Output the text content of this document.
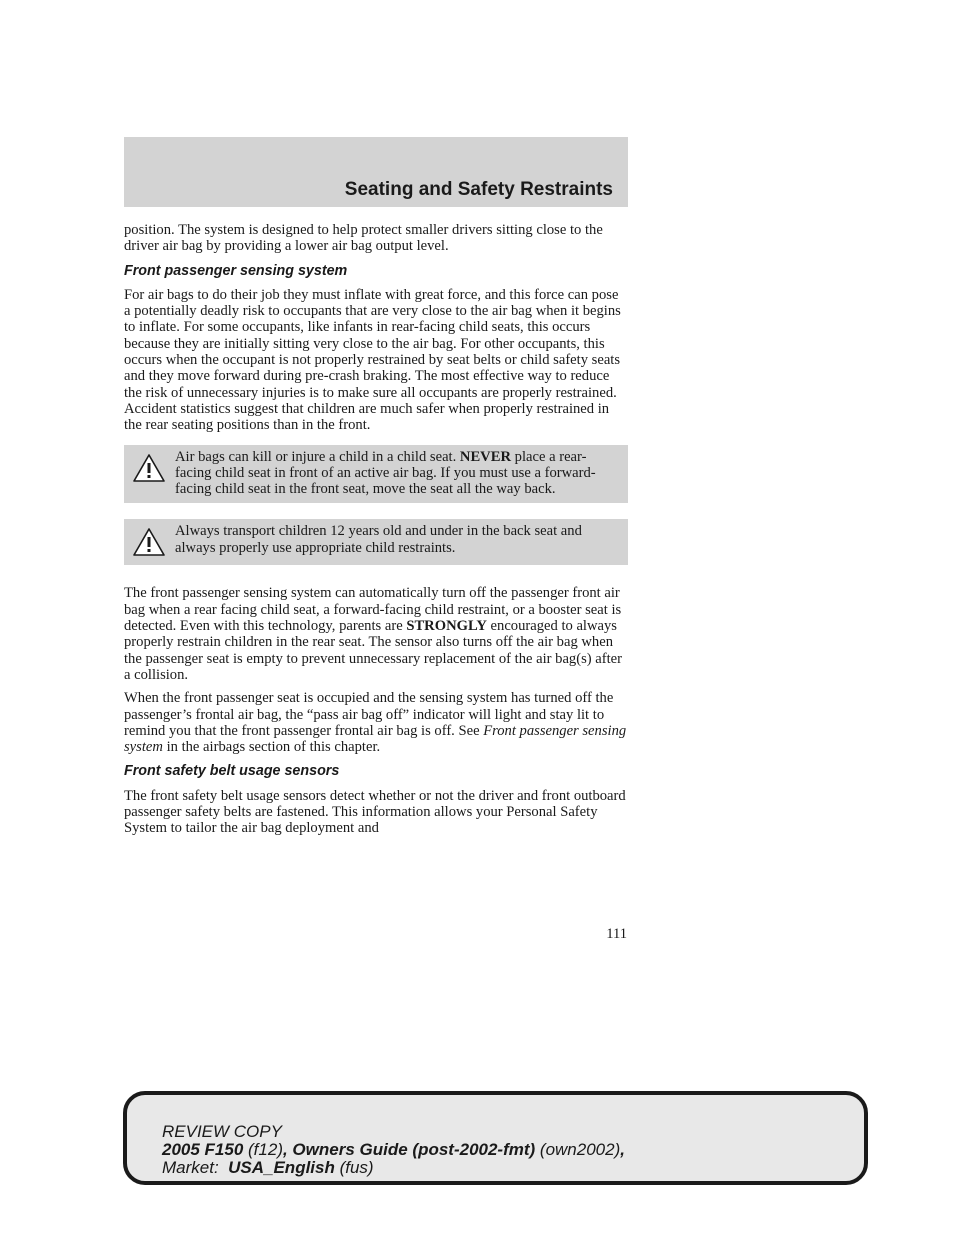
Seating and Safety Restraints

position. The system is designed to help protect smaller drivers sitting close to the driver air bag by providing a lower air bag output level.

Front passenger sensing system

For air bags to do their job they must inflate with great force, and this force can pose a potentially deadly risk to occupants that are very close to the air bag when it begins to inflate. For some occupants, like infants in rear-facing child seats, this occurs because they are initially sitting very close to the air bag. For other occupants, this occurs when the occupant is not properly restrained by seat belts or child safety seats and they move forward during pre-crash braking. The most effective way to reduce the risk of unnecessary injuries is to make sure all occupants are properly restrained. Accident statistics suggest that children are much safer when properly restrained in the rear seating positions than in the front.

Air bags can kill or injure a child in a child seat. NEVER place a rear-facing child seat in front of an active air bag. If you must use a forward-facing child seat in the front seat, move the seat all the way back.
Always transport children 12 years old and under in the back seat and always properly use appropriate child restraints.

The front passenger sensing system can automatically turn off the passenger front air bag when a rear facing child seat, a forward-facing child restraint, or a booster seat is detected. Even with this technology, parents are STRONGLY encouraged to always properly restrain children in the rear seat. The sensor also turns off the air bag when the passenger seat is empty to prevent unnecessary replacement of the air bag(s) after a collision.

When the front passenger seat is occupied and the sensing system has turned off the passenger’s frontal air bag, the “pass air bag off” indicator will light and stay lit to remind you that the front passenger frontal air bag is off. See Front passenger sensing system in the airbags section of this chapter.

Front safety belt usage sensors

The front safety belt usage sensors detect whether or not the driver and front outboard passenger safety belts are fastened. This information allows your Personal Safety System to tailor the air bag deployment and

111
REVIEW COPY
2005 F150 (f12), Owners Guide (post-2002-fmt) (own2002),
Market:  USA_English (fus)
